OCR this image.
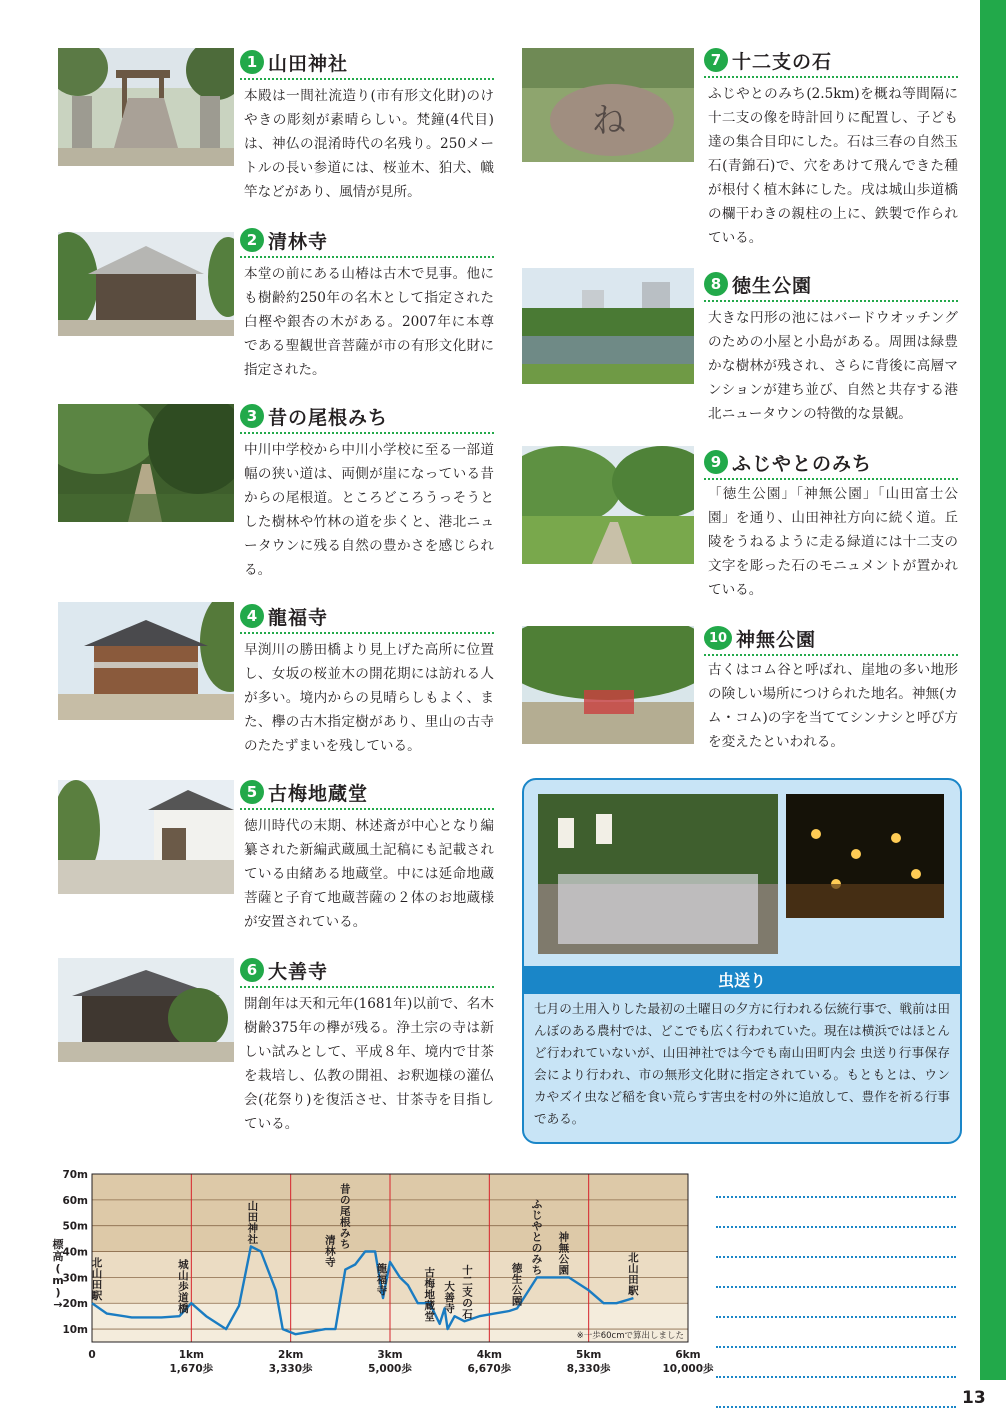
13
1 山田神社
本殿は一間社流造り(市有形文化財)のけやきの彫刻が素晴らしい。梵鐘(4代目)は、神仏の混淆時代の名残り。250メートルの長い参道には、桜並木、狛犬、幟竿などがあり、風情が見所。
2 清林寺
本堂の前にある山椿は古木で見事。他にも樹齢約250年の名木として指定された白樫や銀杏の木がある。2007年に本尊である聖観世音菩薩が市の有形文化財に指定された。
3 昔の尾根みち
中川中学校から中川小学校に至る一部道幅の狭い道は、両側が崖になっている昔からの尾根道。ところどころうっそうとした樹林や竹林の道を歩くと、港北ニュータウンに残る自然の豊かさを感じられる。
4 龍福寺
早渕川の勝田橋より見上げた高所に位置し、女坂の桜並木の開花期には訪れる人が多い。境内からの見晴らしもよく、また、欅の古木指定樹があり、里山の古寺のたたずまいを残している。
5 古梅地蔵堂
徳川時代の末期、林述斎が中心となり編纂された新編武蔵風土記稿にも記載されている由緒ある地蔵堂。中には延命地蔵菩薩と子育て地蔵菩薩の２体のお地蔵様が安置されている。
6 大善寺
開創年は天和元年(1681年)以前で、名木樹齢375年の欅が残る。浄土宗の寺は新しい試みとして、平成８年、境内で甘茶を栽培し、仏教の開祖、お釈迦様の灌仏会(花祭り)を復活させ、甘茶寺を目指している。
ね
7 十二支の石
ふじやとのみち(2.5km)を概ね等間隔に十二支の像を時計回りに配置し、子ども達の集合目印にした。石は三春の自然玉石(青錦石)で、穴をあけて飛んできた種が根付く植木鉢にした。戌は城山歩道橋の欄干わきの親柱の上に、鉄製で作られている。
8 徳生公園
大きな円形の池にはバードウオッチングのための小屋と小島がある。周囲は緑豊かな樹林が残され、さらに背後に高層マンションが建ち並び、自然と共存する港北ニュータウンの特徴的な景観。
9 ふじやとのみち
「徳生公園」「神無公園」「山田富士公園」を通り、山田神社方向に続く道。丘陵をうねるように走る緑道には十二支の文字を彫った石のモニュメントが置かれている。
10 神無公園
古くはコム谷と呼ばれ、崖地の多い地形の険しい場所につけられた地名。神無(カム・コム)の字を当ててシンナシと呼び方を変えたといわれる。
虫送り
七月の土用入りした最初の土曜日の夕方に行われる伝統行事で、戦前は田んぼのある農村では、どこでも広く行われていた。現在は横浜ではほとんど行われていないが、山田神社では今でも南山田町内会 虫送り行事保存会により行われ、市の無形文化財に指定されている。もともとは、ウンカやズイ虫など稲を食い荒らす害虫を村の外に追放して、豊作を祈る行事である。
北山田駅
城山歩道橋
山田神社
昔の尾根みち
清林寺
龍福寺
古梅地蔵堂
大善寺
十二支の石
徳生公園
ふじやとのみち
神無公園
北山田駅
10m
20m
30m
40m
50m
60m
70m
標高( m ) →
※一歩60cmで算出しました
0	1km
1,670歩
2km
3,330歩
3km
5,000歩
4km
6,670歩
5km
8,330歩
6km
10,000歩
